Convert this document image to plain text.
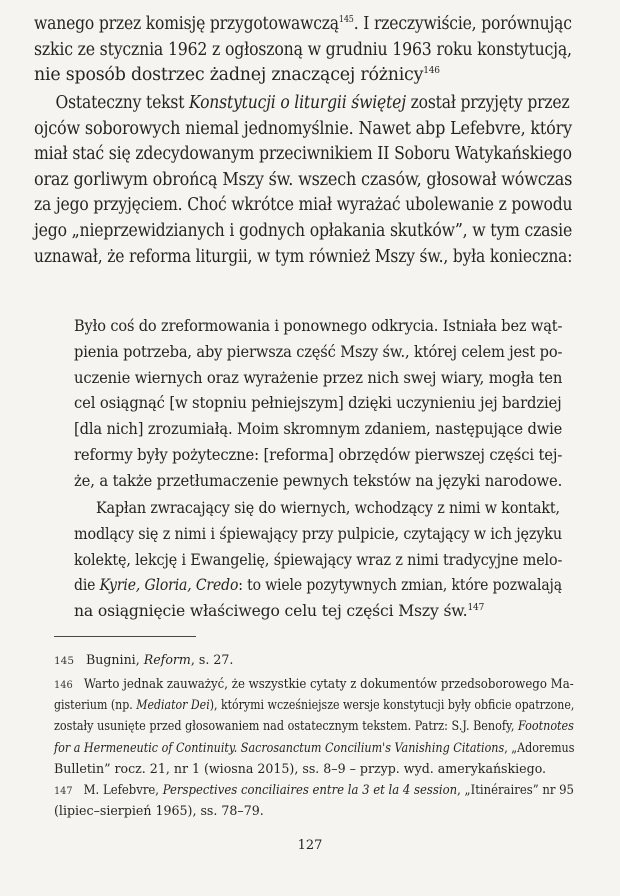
wanego przez komisję przygotowawczą$^{145}$. I rzeczywiście, porównując
szkic ze stycznia 1962 z ogłoszoną w grudniu 1963 roku konstytucją,
nie sposób dostrzec żadnej znaczącej różnicy$^{146}$
Ostateczny tekst Konstytucji o liturgii świętej został przyjęty przez
ojców soborowych niemal jednomyślnie. Nawet abp Lefebvre, który
miał stać się zdecydowanym przeciwnikiem II Soboru Watykańskiego
oraz gorliwym obrońcą Mszy św. wszech czasów, głosował wówczas
za jego przyjęciem. Choć wkrótce miał wyrażać ubolewanie z powodu
jego „nieprzewidzianych i godnych opłakania skutków”, w tym czasie
uznawał, że reforma liturgii, w tym również Mszy św., była konieczna:
Było coś do zreformowania i ponownego odkrycia. Istniała bez wąt-
pienia potrzeba, aby pierwsza część Mszy św., której celem jest po-
uczenie wiernych oraz wyrażenie przez nich swej wiary, mogła ten
cel osiągnąć [w stopniu pełniejszym] dzięki uczynieniu jej bardziej
[dla nich] zrozumiałą. Moim skromnym zdaniem, następujące dwie
reformy były pożyteczne: [reforma] obrzędów pierwszej części tej-
że, a także przetłumaczenie pewnych tekstów na języki narodowe.
Kapłan zwracający się do wiernych, wchodzący z nimi w kontakt,
modlący się z nimi i śpiewający przy pulpicie, czytający w ich języku
kolektę, lekcję i Ewangelię, śpiewający wraz z nimi tradycyjne melo-
die Kyrie, Gloria, Credo: to wiele pozytywnych zmian, które pozwalają
na osiągnięcie właściwego celu tej części Mszy św.$^{147}$
145 Bugnini, Reform, s. 27.
146 Warto jednak zauważyć, że wszystkie cytaty z dokumentów przedsoborowego Ma-
gisterium (np. Mediator Dei), którymi wcześniejsze wersje konstytucji były obficie opatrzone,
zostały usunięte przed głosowaniem nad ostatecznym tekstem. Patrz: S.J. Benofy, Footnotes
for a Hermeneutic of Continuity. Sacrosanctum Concilium's Vanishing Citations, „Adoremus
Bulletin” rocz. 21, nr 1 (wiosna 2015), ss. 8–9 – przyp. wyd. amerykańskiego.
147 M. Lefebvre, Perspectives conciliaires entre la 3 et la 4 session, „Itinéraires” nr 95
(lipiec–sierpień 1965), ss. 78–79.
127
